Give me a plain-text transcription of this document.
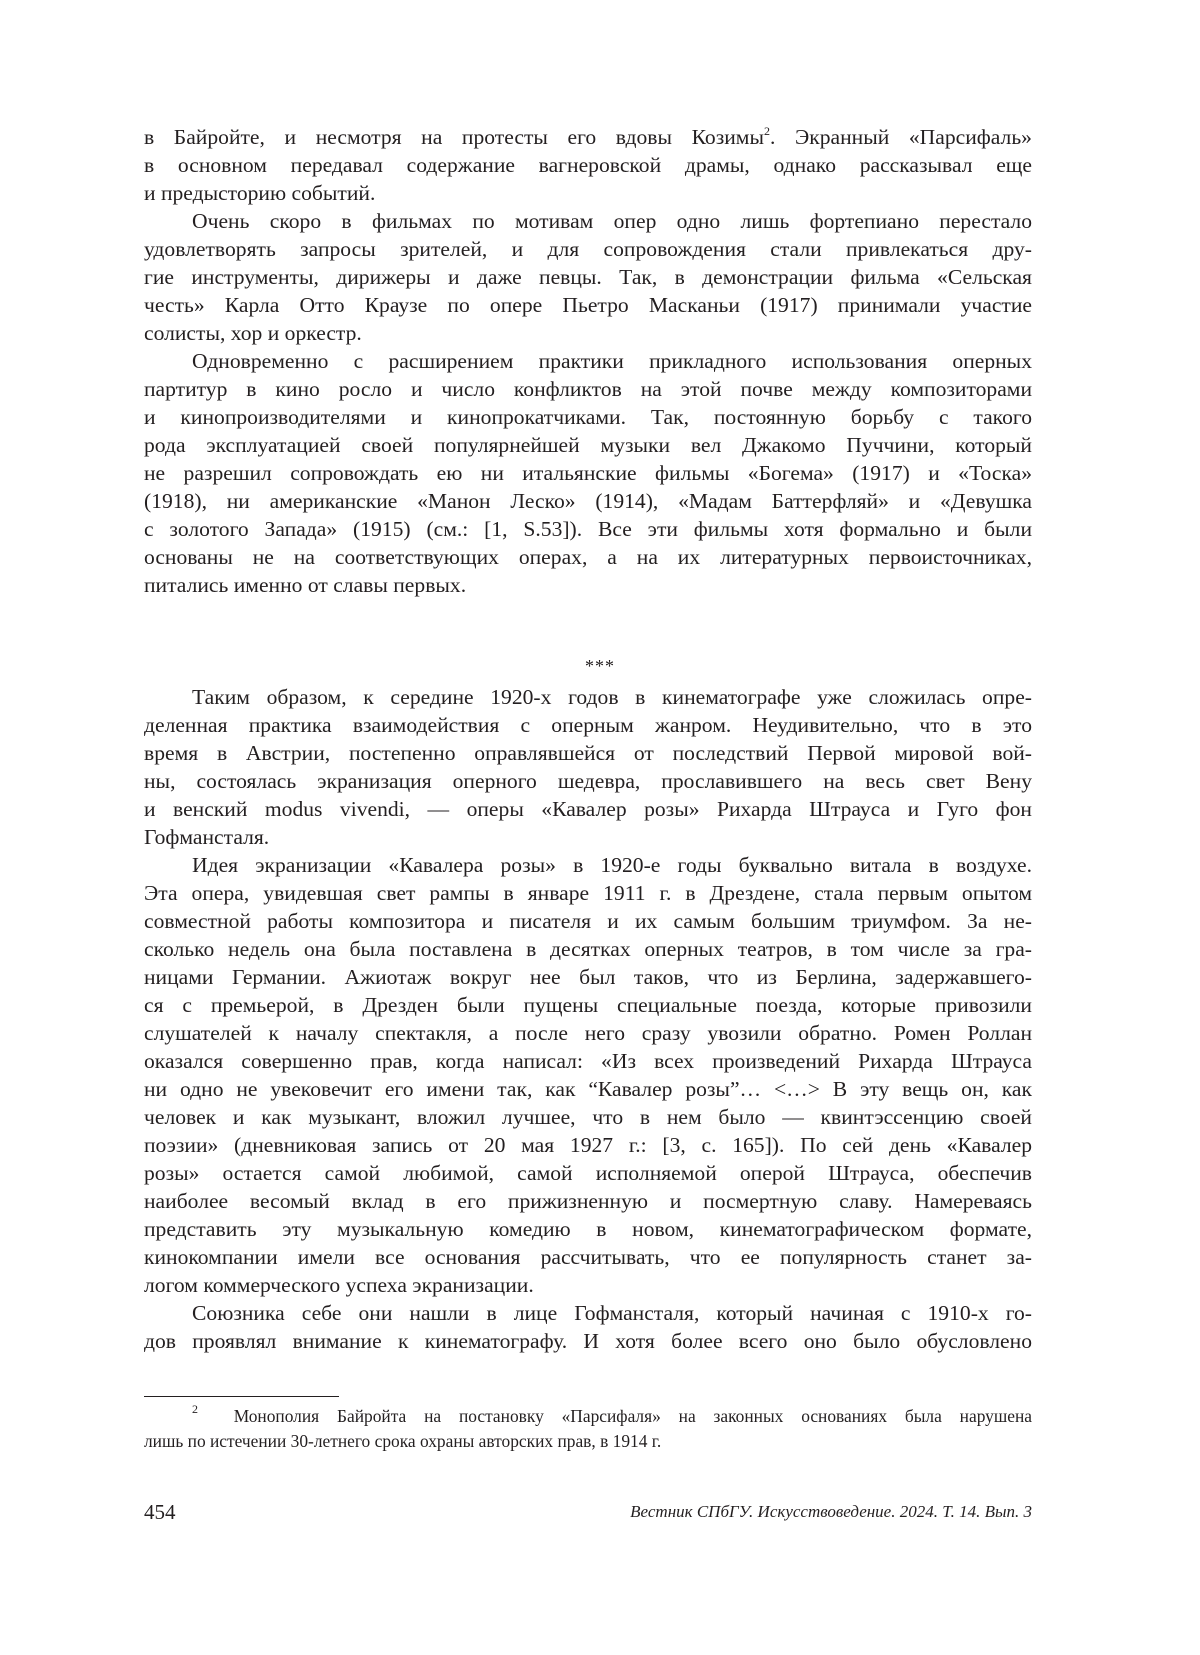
в Байройте, и несмотря на протесты его вдовы Козимы$^2$. Экранный «Парсифаль»
в основном передавал содержание вагнеровской драмы, однако рассказывал еще
и предысторию событий.
Очень скоро в фильмах по мотивам опер одно лишь фортепиано перестало
удовлетворять запросы зрителей, и для сопровождения стали привлекаться дру-
гие инструменты, дирижеры и даже певцы. Так, в демонстрации фильма «Сельская
честь» Карла Отто Краузе по опере Пьетро Масканьи (1917) принимали участие
солисты, хор и оркестр.
Одновременно с расширением практики прикладного использования оперных
партитур в кино росло и число конфликтов на этой почве между композиторами
и кинопроизводителями и кинопрокатчиками. Так, постоянную борьбу с такого
рода эксплуатацией своей популярнейшей музыки вел Джакомо Пуччини, который
не разрешил сопровождать ею ни итальянские фильмы «Богема» (1917) и «Тоска»
(1918), ни американские «Манон Леско» (1914), «Мадам Баттерфляй» и «Девушка
с золотого Запада» (1915) (см.: [1, S.53]). Все эти фильмы хотя формально и были
основаны не на соответствующих операх, а на их литературных первоисточниках,
питались именно от славы первых.
***
Таким образом, к середине 1920-х годов в кинематографе уже сложилась опре-
деленная практика взаимодействия с оперным жанром. Неудивительно, что в это
время в Австрии, постепенно оправлявшейся от последствий Первой мировой вой-
ны, состоялась экранизация оперного шедевра, прославившего на весь свет Вену
и венский modus vivendi, — оперы «Кавалер розы» Рихарда Штрауса и Гуго фон
Гофмансталя.
Идея экранизации «Кавалера розы» в 1920-е годы буквально витала в воздухе.
Эта опера, увидевшая свет рампы в январе 1911 г. в Дрездене, стала первым опытом
совместной работы композитора и писателя и их самым большим триумфом. За не-
сколько недель она была поставлена в десятках оперных театров, в том числе за гра-
ницами Германии. Ажиотаж вокруг нее был таков, что из Берлина, задержавшего-
ся с премьерой, в Дрезден были пущены специальные поезда, которые привозили
слушателей к началу спектакля, а после него сразу увозили обратно. Ромен Роллан
оказался совершенно прав, когда написал: «Из всех произведений Рихарда Штрауса
ни одно не увековечит его имени так, как “Кавалер розы”… <…> В эту вещь он, как
человек и как музыкант, вложил лучшее, что в нем было — квинтэссенцию своей
поэзии» (дневниковая запись от 20 мая 1927 г.: [3, с. 165]). По сей день «Кавалер
розы» остается самой любимой, самой исполняемой оперой Штрауса, обеспечив
наиболее весомый вклад в его прижизненную и посмертную славу. Намереваясь
представить эту музыкальную комедию в новом, кинематографическом формате,
кинокомпании имели все основания рассчитывать, что ее популярность станет за-
логом коммерческого успеха экранизации.
Союзника себе они нашли в лице Гофмансталя, который начиная с 1910-х го-
дов проявлял внимание к кинематографу. И хотя более всего оно было обусловлено
$^2$ Монополия Байройта на постановку «Парсифаля» на законных основаниях была нарушена
лишь по истечении 30-летнего срока охраны авторских прав, в 1914 г.
454	Вестник СПбГУ. Искусствоведение. 2024. Т. 14. Вып. 3
